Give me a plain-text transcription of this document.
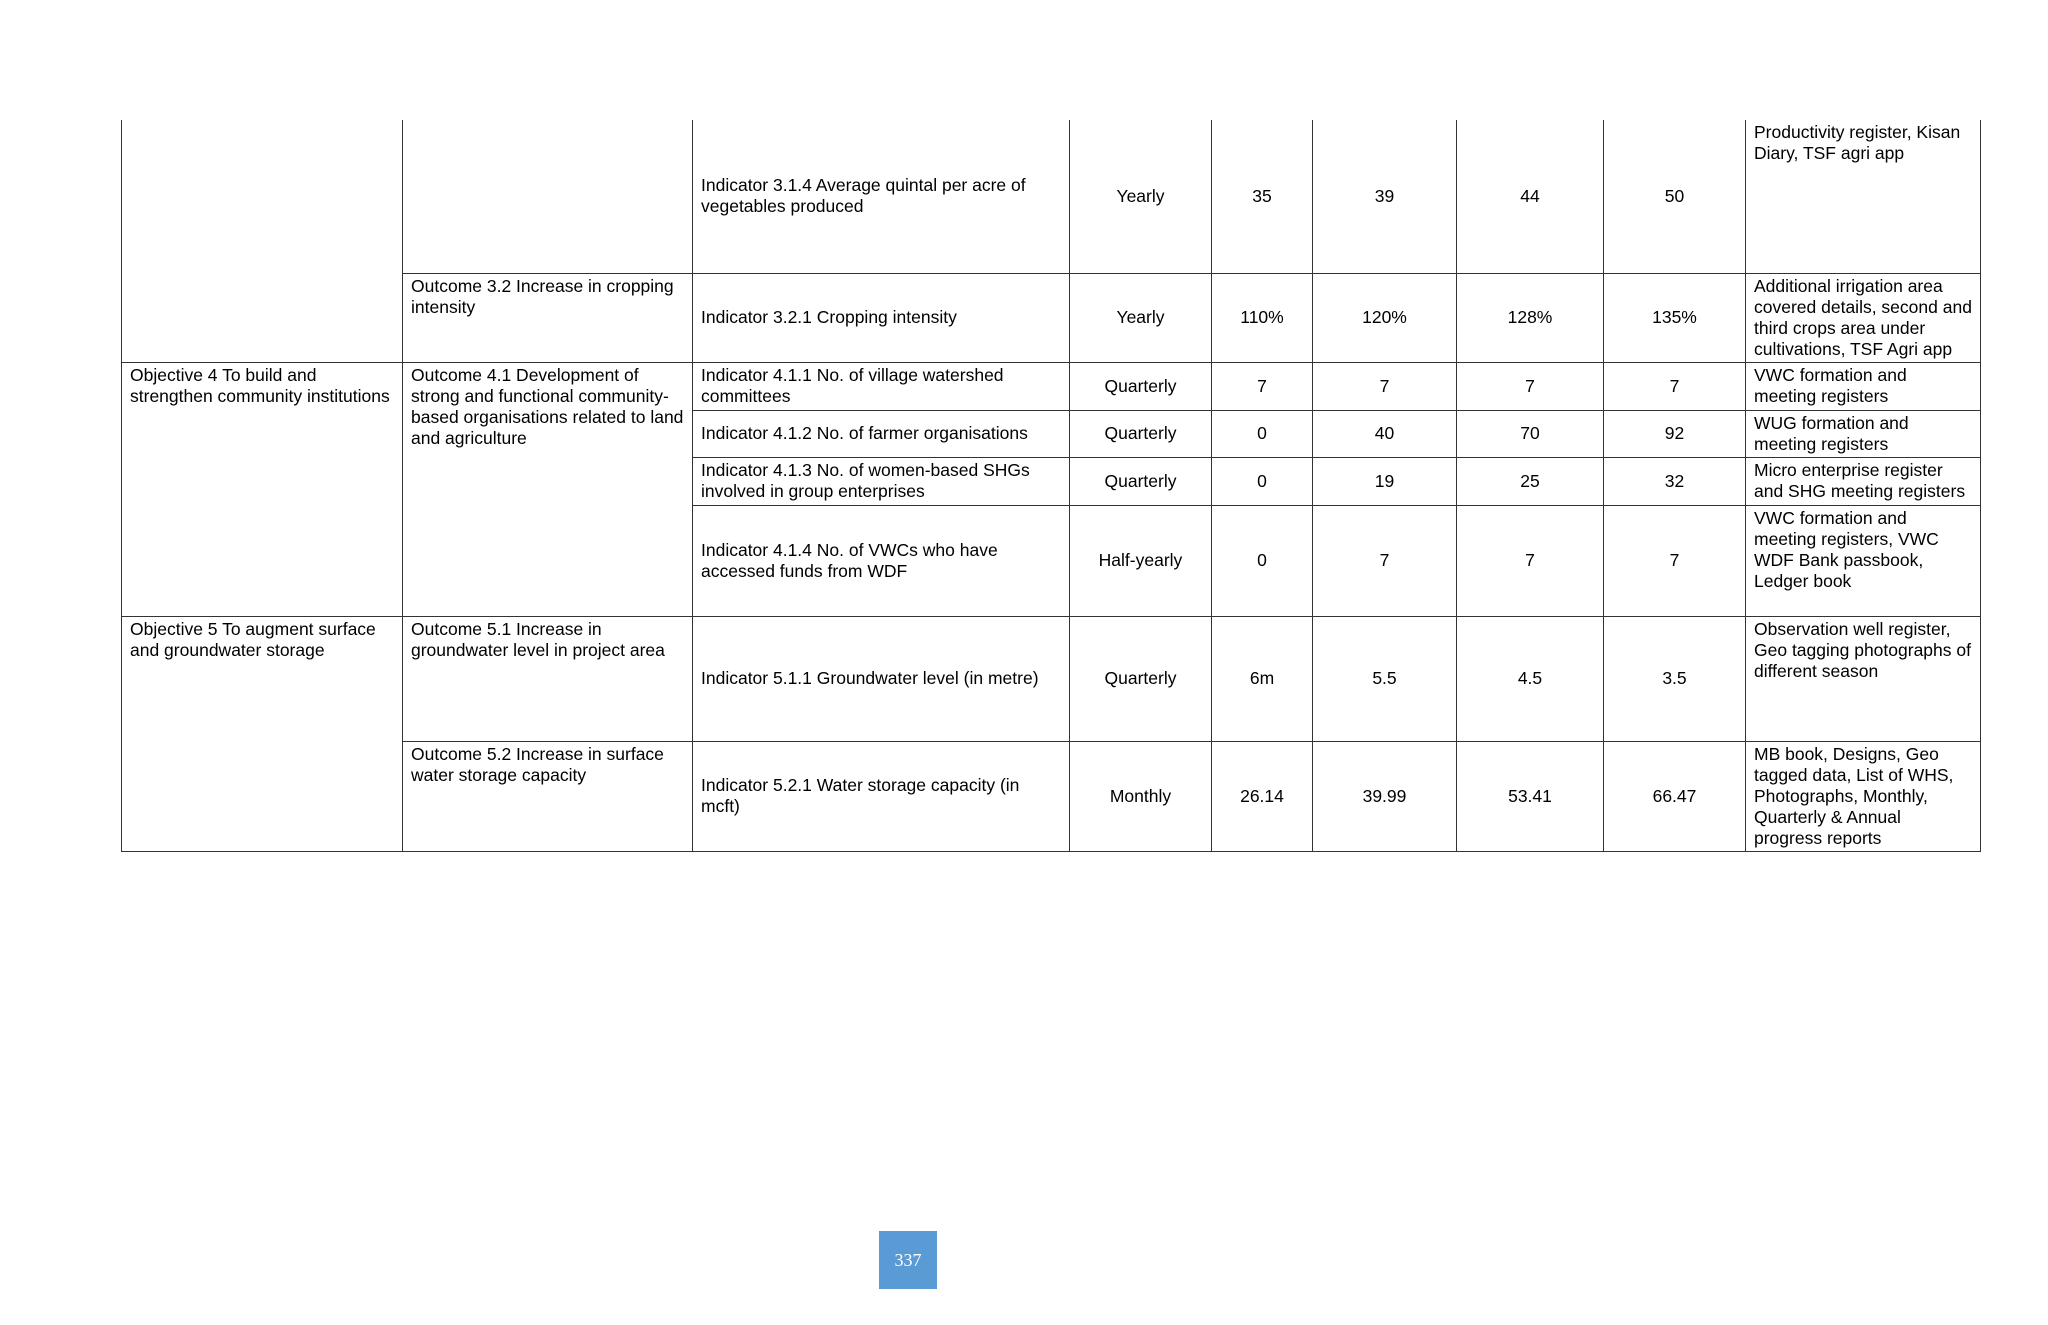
		Indicator 3.1.4 Average quintal per acre of vegetables produced	Yearly	35	39	44	50	Productivity register, Kisan Diary, TSF agri app
	Outcome 3.2 Increase in cropping intensity	Indicator 3.2.1 Cropping intensity	Yearly	110%	120%	128%	135%	Additional irrigation area covered details, second and third crops area under cultivations, TSF Agri app
Objective 4 To build and strengthen community institutions	Outcome 4.1 Development of strong and functional community-based organisations related to land and agriculture	Indicator 4.1.1 No. of village watershed committees	Quarterly	7	7	7	7	VWC formation and meeting registers
		Indicator 4.1.2 No. of farmer organisations	Quarterly	0	40	70	92	WUG formation and meeting registers
		Indicator 4.1.3 No. of women-based SHGs involved in group enterprises	Quarterly	0	19	25	32	Micro enterprise register and SHG meeting registers
		Indicator 4.1.4 No. of VWCs who have accessed funds from WDF	Half-yearly	0	7	7	7	VWC formation and meeting registers, VWC WDF Bank passbook, Ledger book
Objective 5 To augment surface and groundwater storage	Outcome 5.1 Increase in groundwater level in project area	Indicator 5.1.1 Groundwater level (in metre)	Quarterly	6m	5.5	4.5	3.5	Observation well register, Geo tagging photographs of different season
	Outcome 5.2 Increase in surface water storage capacity	Indicator 5.2.1 Water storage capacity (in mcft)	Monthly	26.14	39.99	53.41	66.47	MB book, Designs, Geo tagged data, List of WHS, Photographs, Monthly, Quarterly & Annual progress reports
337
